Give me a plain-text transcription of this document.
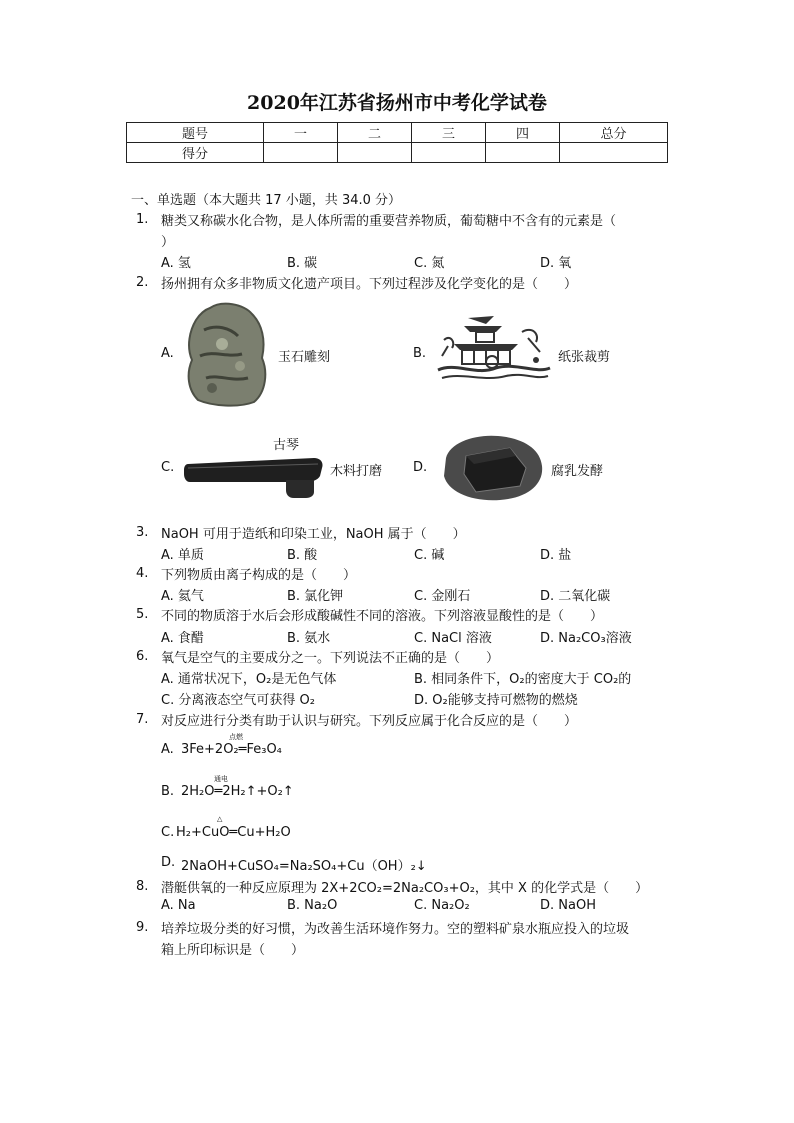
2020年江苏省扬州市中考化学试卷
题号	一	二	三	四	总分
得分					
一、单选题（本大题共 17 小题，共 34.0 分）
1. 糖类又称碳水化合物，是人体所需的重要营养物质，葡萄糖中不含有的元素是（
）
A. 氢	B. 碳	C. 氮	D. 氧
2. 扬州拥有众多非物质文化遗产项目。下列过程涉及化学变化的是（　　）
A.	玉石雕刻	B.	纸张裁剪
古琴
C.	木料打磨 D.	腐乳发酵
3. NaOH 可用于造纸和印染工业，NaOH 属于（　　）
A. 单质	B. 酸	C. 碱	D. 盐
4. 下列物质由离子构成的是（　　）
A. 氦气	B. 氯化钾	C. 金刚石	D. 二氧化碳
5. 不同的物质溶于水后会形成酸碱性不同的溶液。下列溶液显酸性的是（　　）
A. 食醋	B. 氨水	C. NaCl 溶液	D. Na₂CO₃溶液
6. 氧气是空气的主要成分之一。下列说法不正确的是（　　）
A. 通常状况下，O₂是无色气体	B. 相同条件下，O₂的密度大于 CO₂的
C. 分离液态空气可获得 O₂	D. O₂能够支持可燃物的燃烧
7. 对反应进行分类有助于认识与研究。下列反应属于化合反应的是（　　）
点燃
A. 3Fe+2O₂═Fe₃O₄
通电
B. 2H₂O═2H₂↑+O₂↑
△
C. H₂+CuO═Cu+H₂O
D. 2NaOH+CuSO₄=Na₂SO₄+Cu（OH）₂↓
8. 潜艇供氧的一种反应原理为 2X+2CO₂=2Na₂CO₃+O₂，其中 X 的化学式是（　　）
A. Na	B. Na₂O	C. Na₂O₂	D. NaOH
9. 培养垃圾分类的好习惯，为改善生活环境作努力。空的塑料矿泉水瓶应投入的垃圾
箱上所印标识是（　　）
